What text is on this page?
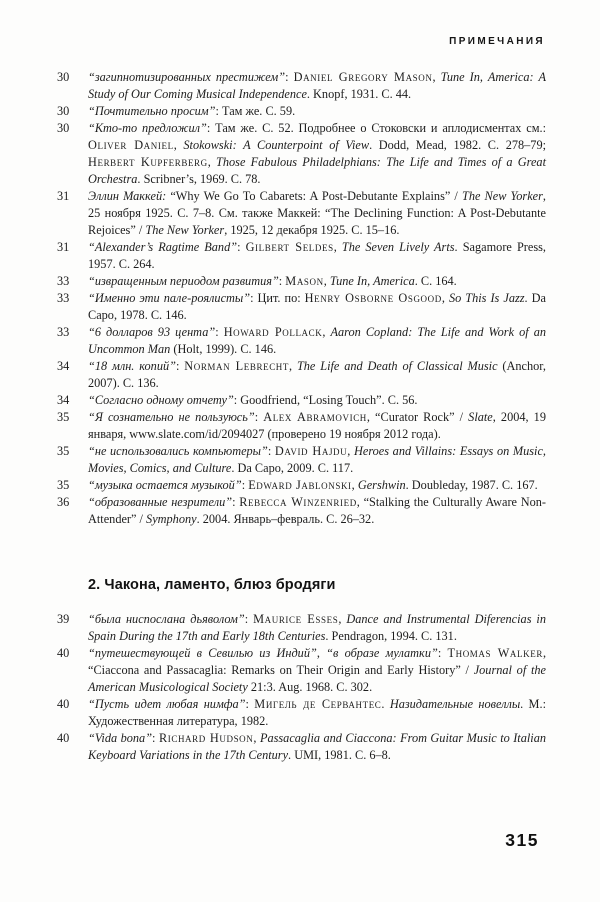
ПРИМЕЧАНИЯ
30	“загипнотизированных престижем”: Daniel Gregory Mason, Tune In, America: A Study of Our Coming Musical Independence. Knopf, 1931. С. 44.
30	“Почтительно просим”: Там же. С. 59.
30	“Кто-то предложил”: Там же. С. 52. Подробнее о Стоковски и аплодисментах см.: Oliver Daniel, Stokowski: A Counterpoint of View. Dodd, Mead, 1982. С. 278–79; Herbert Kupferberg, Those Fabulous Philadelphians: The Life and Times of a Great Orchestra. Scribner’s, 1969. С. 78.
31	Эллин Маккей: “Why We Go To Cabarets: A Post-Debutante Explains” / The New Yorker, 25 ноября 1925. С. 7–8. См. также Маккей: “The Declining Function: A Post-Debutante Rejoices” / The New Yorker, 1925, 12 декабря 1925. С. 15–16.
31	“Alexander’s Ragtime Band”: Gilbert Seldes, The Seven Lively Arts. Sagamore Press, 1957. С. 264.
33	“извращенным периодом развития”: Mason, Tune In, America. С. 164.
33	“Именно эти пале-роялисты”: Цит. по: Henry Osborne Osgood, So This Is Jazz. Da Capo, 1978. С. 146.
33	“6 долларов 93 цента”: Howard Pollack, Aaron Copland: The Life and Work of an Uncommon Man (Holt, 1999). С. 146.
34	“18 млн. копий”: Norman Lebrecht, The Life and Death of Classical Music (Anchor, 2007). С. 136.
34	“Согласно одному отчету”: Goodfriend, “Losing Touch”. С. 56.
35	“Я сознательно не пользуюсь”: Alex Abramovich, “Curator Rock” / Slate, 2004, 19 января, www.slate.com/id/2094027 (проверено 19 ноября 2012 года).
35	“не использовались компьютеры”: David Hajdu, Heroes and Villains: Essays on Music, Movies, Comics, and Culture. Da Capo, 2009. С. 117.
35	“музыка остается музыкой”: Edward Jablonski, Gershwin. Doubleday, 1987. С. 167.
36	“образованные незрители”: Rebecca Winzenried, “Stalking the Culturally Aware Non-Attender” / Symphony. 2004. Январь–февраль. С. 26–32.
2. Чакона, ламенто, блюз бродяги
39	“была ниспослана дьяволом”: Maurice Esses, Dance and Instrumental Diferencias in Spain During the 17th and Early 18th Centuries. Pendragon, 1994. С. 131.
40	“путешествующей в Севилью из Индий”, “в образе мулатки”: Thomas Walker, “Ciaccona and Passacaglia: Remarks on Their Origin and Early History” / Journal of the American Musicological Society 21:3. Aug. 1968. С. 302.
40	“Пусть идет любая нимфа”: Мигель де Сервантес. Назидательные новеллы. М.: Художественная литература, 1982.
40	“Vida bona”: Richard Hudson, Passacaglia and Ciaccona: From Guitar Music to Italian Keyboard Variations in the 17th Century. UMI, 1981. С. 6–8.
315
